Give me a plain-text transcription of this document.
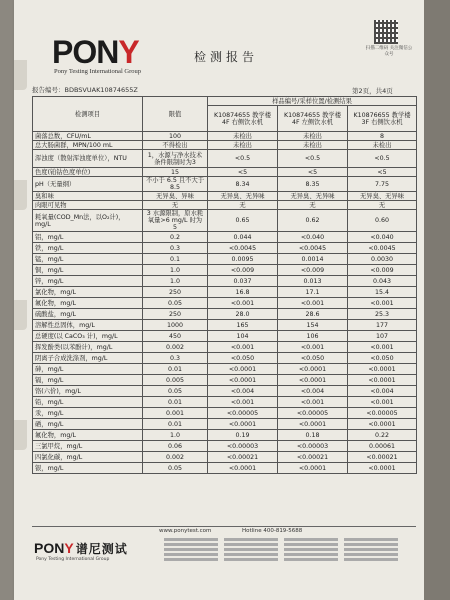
PONY
Pony Testing International Group
检测报告
扫描二维码 关注微信公众号
报告编号：BDBSVUAK10874655Z	第2页，共4页
检测项目	限值	样品编号/采样位置/检测结果		
		K10874655 教学楼 4F 右侧饮水机	K10874655 教学楼 4F 左侧饮水机	K10876655 教学楼 3F 右侧饮水机
菌落总数，CFU/mL	100	未检出	未检出	8
总大肠菌群，MPN/100 mL	不得检出	未检出	未检出	未检出
浑浊度（散射浑浊度单位），NTU	1，水源与净水技术条件限制时为3	<0.5	<0.5	<0.5
色度(铂钴色度单位)	15	<5	<5	<5
pH（无量纲）	不小于 6.5 且不大于 8.5	8.34	8.35	7.75
臭和味	无异臭、异味	无异臭、无异味	无异臭、无异味	无异臭、无异味
肉眼可见物	无	无	无	无
耗氧量(COD_Mn法，以O₂计)，mg/L	3 水源限制，原水耗氧量>6 mg/L 时为 5	0.65	0.62	0.60
铝，mg/L	0.2	0.044	<0.040	<0.040
铁，mg/L	0.3	<0.0045	<0.0045	<0.0045
锰，mg/L	0.1	0.0095	0.0014	0.0030
铜，mg/L	1.0	<0.009	<0.009	<0.009
锌，mg/L	1.0	0.037	0.013	0.043
氯化物，mg/L	250	16.8	17.1	15.4
氟化物，mg/L	0.05	<0.001	<0.001	<0.001
硫酸盐，mg/L	250	28.0	28.6	25.3
溶解性总固体，mg/L	1000	165	154	177
总硬度(以 CaCO₃ 计)，mg/L	450	104	106	107
挥发酚类(以苯酚计)，mg/L	0.002	<0.001	<0.001	<0.001
阴离子合成洗涤剂，mg/L	0.3	<0.050	<0.050	<0.050
砷，mg/L	0.01	<0.0001	<0.0001	<0.0001
镉，mg/L	0.005	<0.0001	<0.0001	<0.0001
铬(六价)，mg/L	0.05	<0.004	<0.004	<0.004
铅，mg/L	0.01	<0.001	<0.001	<0.001
汞，mg/L	0.001	<0.00005	<0.00005	<0.00005
硒，mg/L	0.01	<0.0001	<0.0001	<0.0001
氟化物，mg/L	1.0	0.19	0.18	0.22
三氯甲烷，mg/L	0.06	<0.00003	<0.00003	0.00061
四氯化碳，mg/L	0.002	<0.00021	<0.00021	<0.00021
银，mg/L	0.05	<0.0001	<0.0001	<0.0001
www.ponytest.com	Hotline 400-819-5688
PONY 谱尼测试
Pony Testing International Group
